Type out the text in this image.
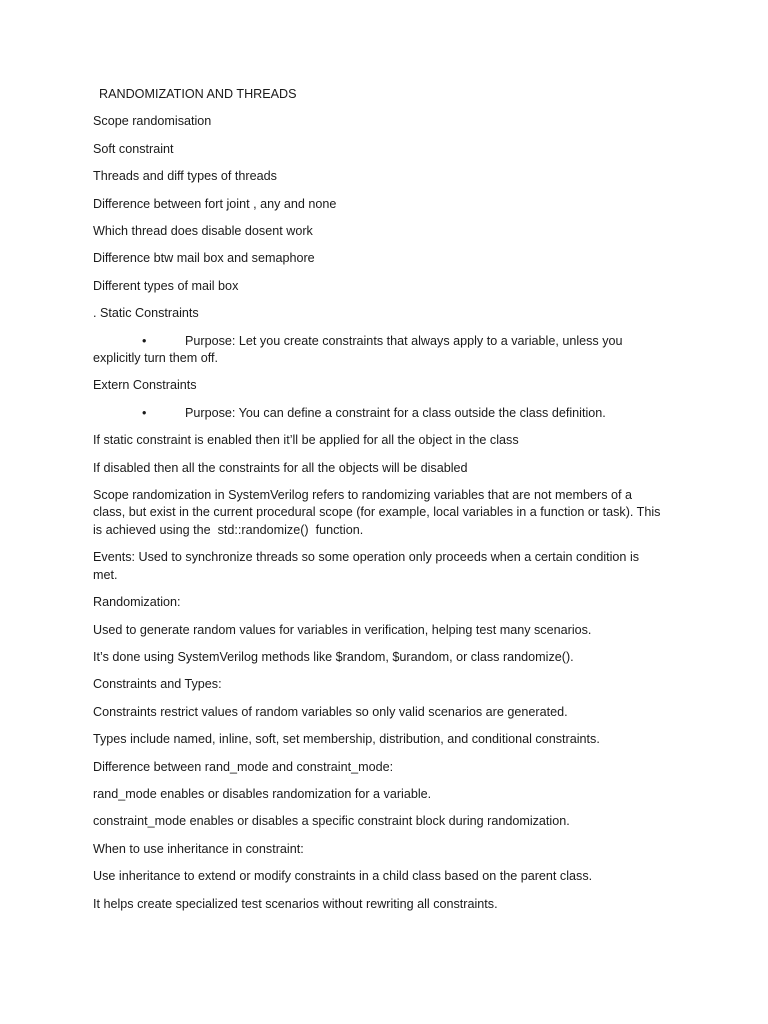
RANDOMIZATION AND THREADS

Scope randomisation

Soft constraint

Threads and diff types of threads

Difference between fort joint , any and none

Which thread does disable dosent work

Difference btw mail box and semaphore

Different types of mail box

. Static Constraints

•	Purpose: Let you create constraints that always apply to a variable, unless you explicitly turn them off.

Extern Constraints

•	Purpose: You can define a constraint for a class outside the class definition.

If static constraint is enabled then it’ll be applied for all the object in the class

If disabled then all the constraints for all the objects will be disabled

Scope randomization in SystemVerilog refers to randomizing variables that are not members of a class, but exist in the current procedural scope (for example, local variables in a function or task). This is achieved using the  std::randomize()  function.

Events: Used to synchronize threads so some operation only proceeds when a certain condition is met.

Randomization:

Used to generate random values for variables in verification, helping test many scenarios.

It’s done using SystemVerilog methods like $random, $urandom, or class randomize().

Constraints and Types:

Constraints restrict values of random variables so only valid scenarios are generated.

Types include named, inline, soft, set membership, distribution, and conditional constraints.

Difference between rand_mode and constraint_mode:

rand_mode enables or disables randomization for a variable.

constraint_mode enables or disables a specific constraint block during randomization.

When to use inheritance in constraint:

Use inheritance to extend or modify constraints in a child class based on the parent class.

It helps create specialized test scenarios without rewriting all constraints.
